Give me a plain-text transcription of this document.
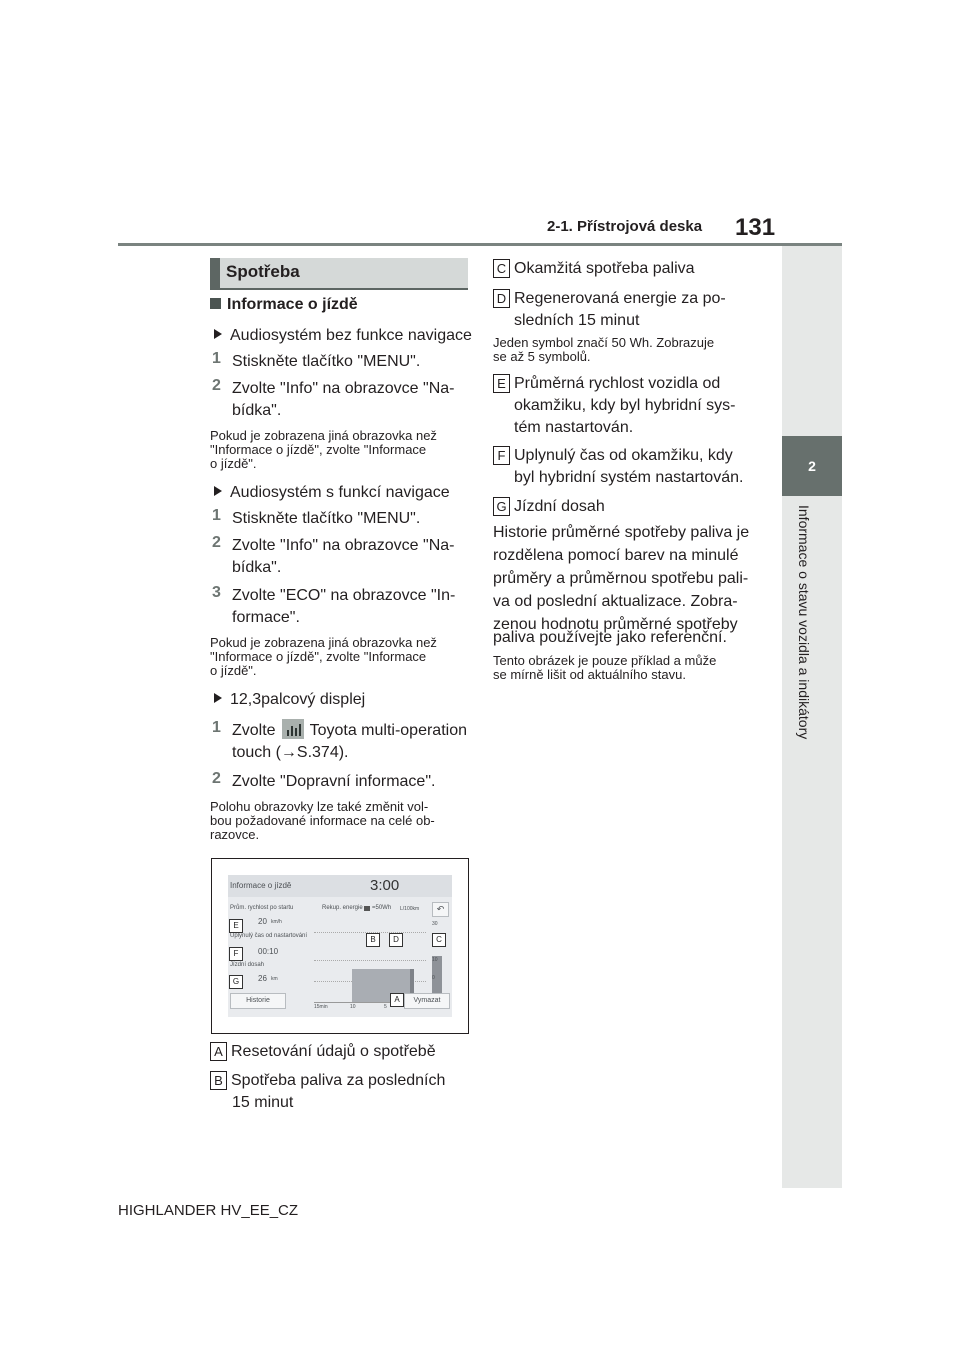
2-1. Přístrojová deska 131
2
Informace o stavu vozidla a indikátory
Spotřeba
Informace o jízdě
Audiosystém bez funkce navigace
1 Stiskněte tlačítko "MENU".
2 Zvolte "Info" na obrazovce "Na-
bídka".
Pokud je zobrazena jiná obrazovka než
"Informace o jízdě", zvolte "Informace
o jízdě".
Audiosystém s funkcí navigace
1 Stiskněte tlačítko "MENU".
2 Zvolte "Info" na obrazovce "Na-
bídka".
3 Zvolte "ECO" na obrazovce "In-
formace".
Pokud je zobrazena jiná obrazovka než
"Informace o jízdě", zvolte "Informace
o jízdě".
12,3palcový displej
1 Zvolte Toyota multi-operation
touch (→S.374).
2 Zvolte "Dopravní informace".
Polohu obrazovky lze také změnit vol-
bou požadované informace na celé ob-
razovce.
Informace o jízdě	3:00
Prům. rychlost po startu
20 km/h
Uplynulý čas od nastartování
00:10
Jízdní dosah
26 km
Rekup. energie =50Wh L/100km	↶
30
10
0
15min	10	5
Historie	Vymazat
A
B	C
D
E
F
G
A Resetování údajů o spotřebě
B Spotřeba paliva za posledních
15 minut
C Okamžitá spotřeba paliva
D Regenerovaná energie za po-
sledních 15 minut
Jeden symbol značí 50 Wh. Zobrazuje
se až 5 symbolů.
E Průměrná rychlost vozidla od
okamžiku, kdy byl hybridní sys-
tém nastartován.
F Uplynulý čas od okamžiku, kdy
byl hybridní systém nastartován.
G Jízdní dosah
Historie průměrné spotřeby paliva je
rozdělena pomocí barev na minulé
průměry a průměrnou spotřebu pali-
va od poslední aktualizace. Zobra-
zenou hodnotu průměrné spotřeby
paliva používejte jako referenční.
Tento obrázek je pouze příklad a může
se mírně lišit od aktuálního stavu.
HIGHLANDER HV_EE_CZ
